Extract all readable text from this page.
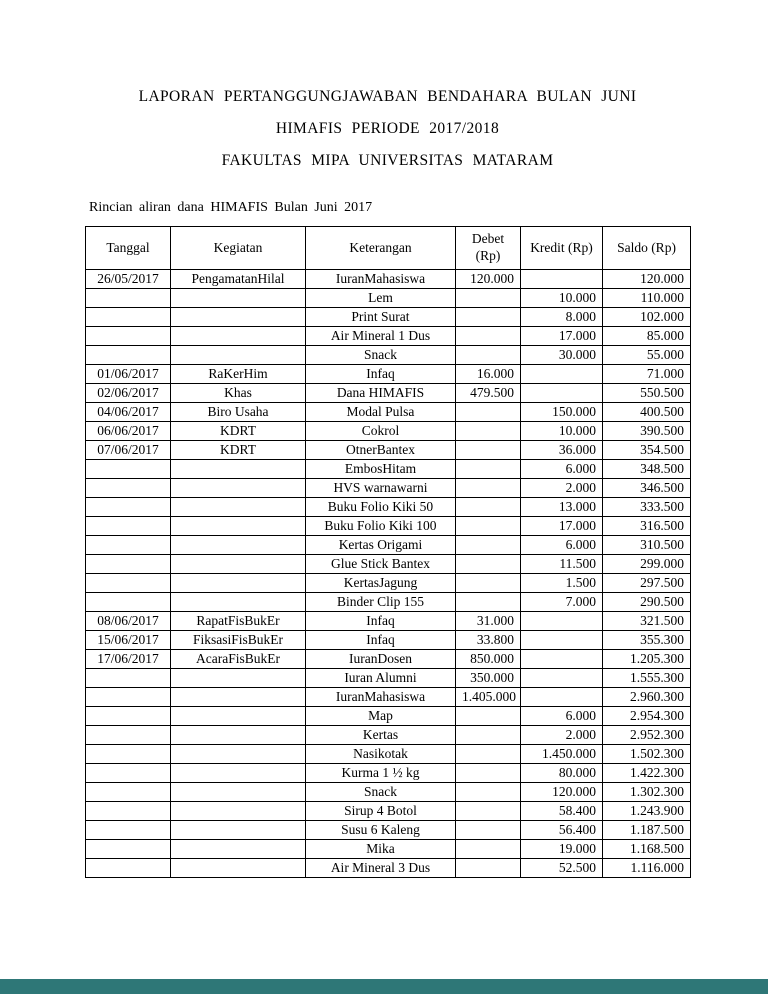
LAPORAN PERTANGGUNGJAWABAN BENDAHARA BULAN JUNI

HIMAFIS PERIODE 2017/2018

FAKULTAS MIPA UNIVERSITAS MATARAM

Rincian aliran dana HIMAFIS Bulan Juni 2017

Tanggal	Kegiatan	Keterangan	Debet (Rp)	Kredit (Rp)	Saldo (Rp)
26/05/2017	PengamatanHilal	IuranMahasiswa	120.000		120.000
		Lem		10.000	110.000
		Print Surat		8.000	102.000
		Air Mineral 1 Dus		17.000	85.000
		Snack		30.000	55.000
01/06/2017	RaKerHim	Infaq	16.000		71.000
02/06/2017	Khas	Dana HIMAFIS	479.500		550.500
04/06/2017	Biro Usaha	Modal Pulsa		150.000	400.500
06/06/2017	KDRT	Cokrol		10.000	390.500
07/06/2017	KDRT	OtnerBantex		36.000	354.500
		EmbosHitam		6.000	348.500
		HVS warnawarni		2.000	346.500
		Buku Folio Kiki 50		13.000	333.500
		Buku Folio Kiki 100		17.000	316.500
		Kertas Origami		6.000	310.500
		Glue Stick Bantex		11.500	299.000
		KertasJagung		1.500	297.500
		Binder Clip 155		7.000	290.500
08/06/2017	RapatFisBukEr	Infaq	31.000		321.500
15/06/2017	FiksasiFisBukEr	Infaq	33.800		355.300
17/06/2017	AcaraFisBukEr	IuranDosen	850.000		1.205.300
		Iuran Alumni	350.000		1.555.300
		IuranMahasiswa	1.405.000		2.960.300
		Map		6.000	2.954.300
		Kertas		2.000	2.952.300
		Nasikotak		1.450.000	1.502.300
		Kurma 1 ½ kg		80.000	1.422.300
		Snack		120.000	1.302.300
		Sirup 4 Botol		58.400	1.243.900
		Susu 6 Kaleng		56.400	1.187.500
		Mika		19.000	1.168.500
		Air Mineral 3 Dus		52.500	1.116.000
